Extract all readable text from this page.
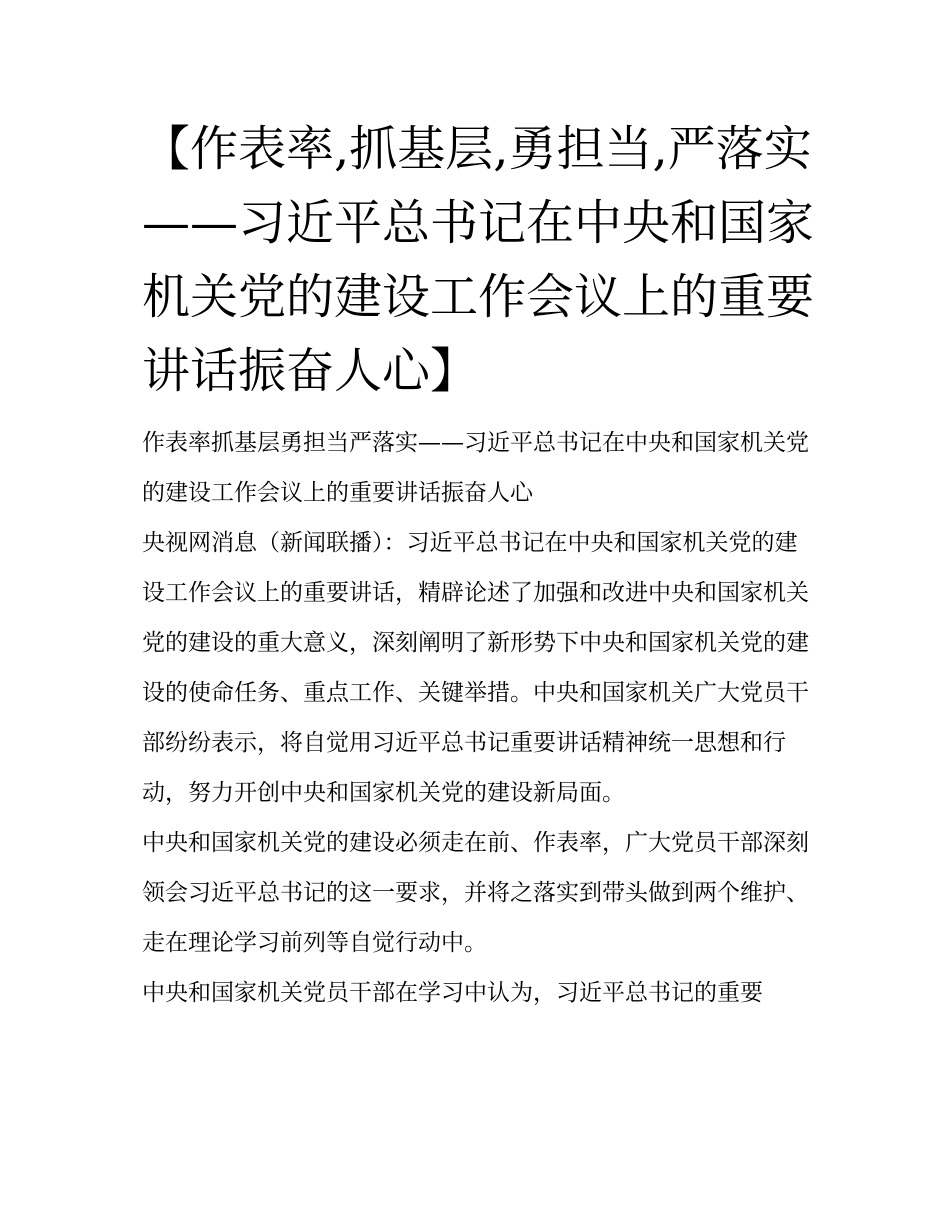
【作表率,抓基层,勇担当,严落实——习近平总书记在中央和国家机关党的建设工作会议上的重要讲话振奋人心】

作表率抓基层勇担当严落实——习近平总书记在中央和国家机关党的建设工作会议上的重要讲话振奋人心

央视网消息（新闻联播）：习近平总书记在中央和国家机关党的建设工作会议上的重要讲话，精辟论述了加强和改进中央和国家机关党的建设的重大意义，深刻阐明了新形势下中央和国家机关党的建设的使命任务、重点工作、关键举措。中央和国家机关广大党员干部纷纷表示，将自觉用习近平总书记重要讲话精神统一思想和行动，努力开创中央和国家机关党的建设新局面。

中央和国家机关党的建设必须走在前、作表率，广大党员干部深刻领会习近平总书记的这一要求，并将之落实到带头做到两个维护、走在理论学习前列等自觉行动中。

中央和国家机关党员干部在学习中认为，习近平总书记的重要
